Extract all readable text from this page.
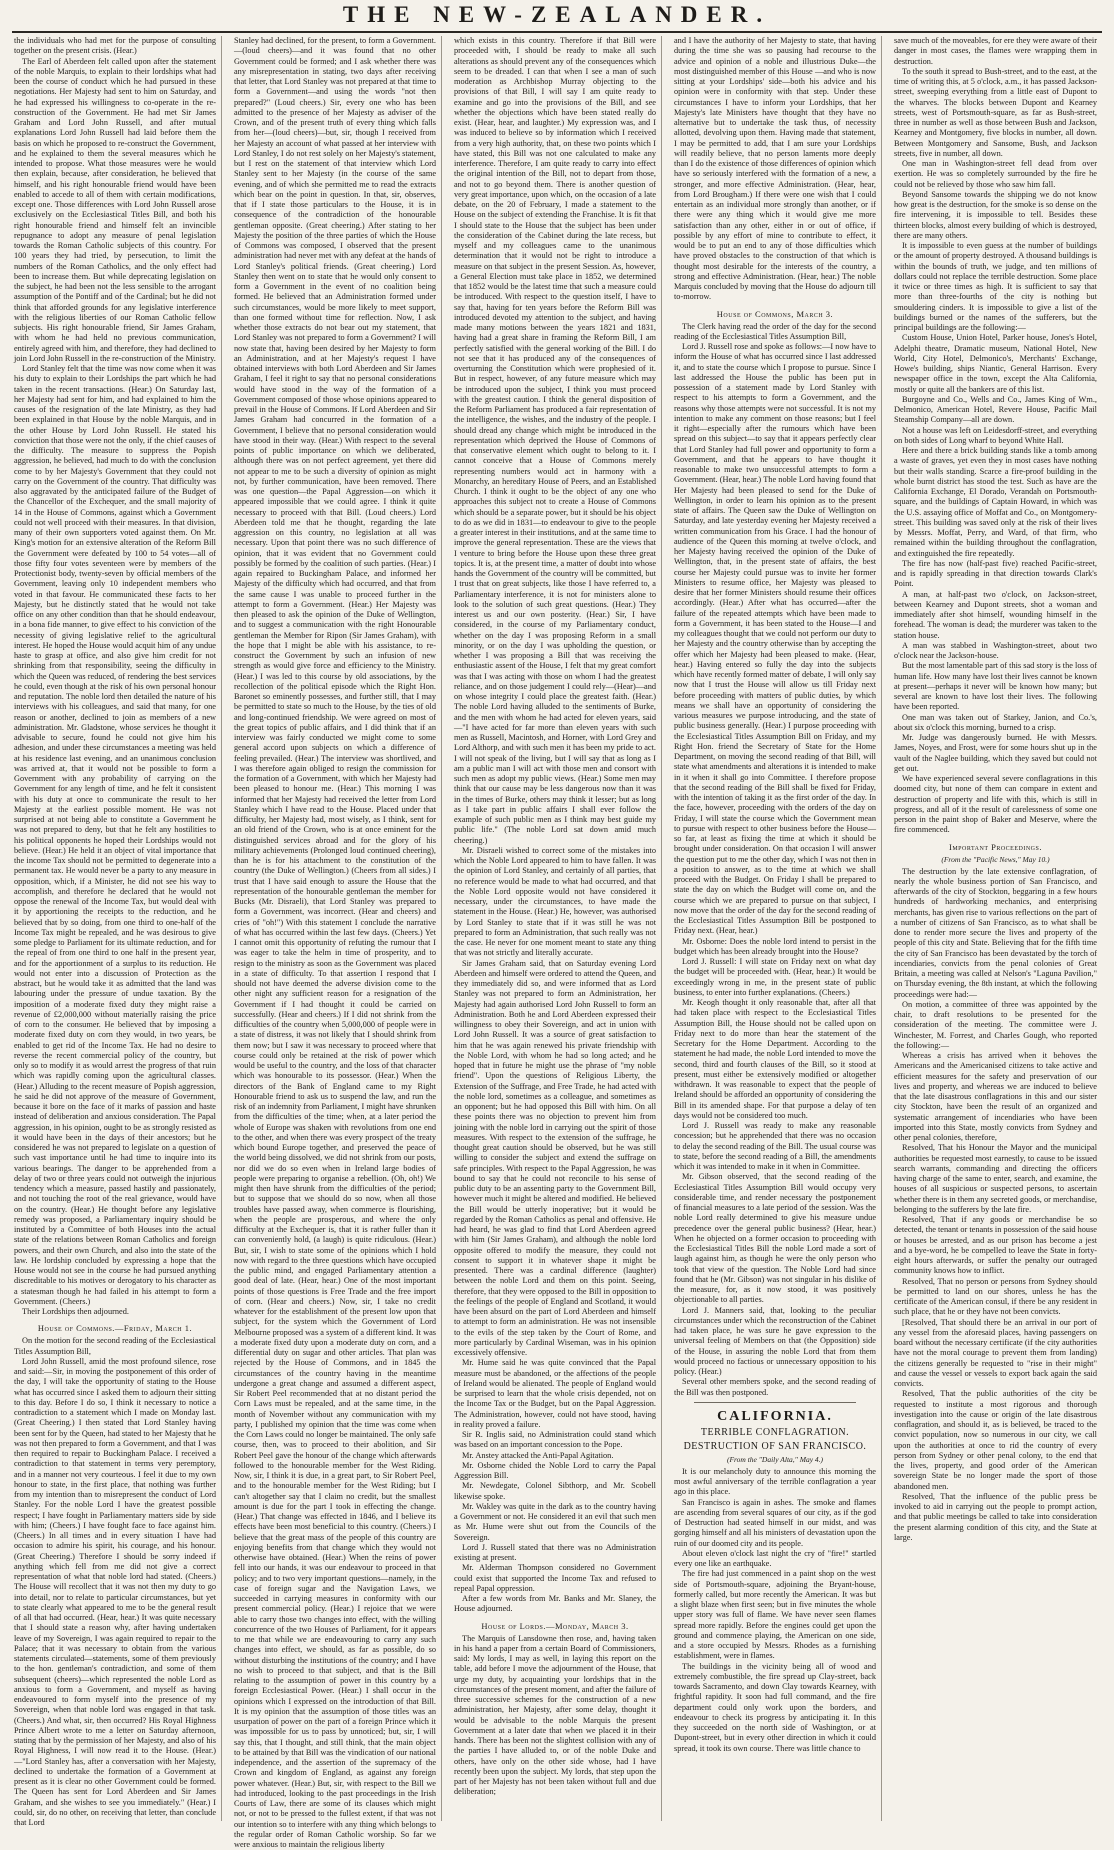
THE NEW-ZEALANDER.

the individuals who had met for the purpose of consulting together on the present crisis. (Hear.)

The Earl of Aberdeen felt called upon after the statement of the noble Marquis, to explain to their lordships what had been the course of conduct which he had pursued in these negotiations. Her Majesty had sent to him on Saturday, and he had expressed his willingness to co-operate in the re-construction of the Government. He had met Sir James Graham and Lord John Russell, and after mutual explanations Lord John Russell had laid before them the basis on which he proposed to re-construct the Government, and he explained to them the several measures which he intended to propose. What those measures were he would then explain, because, after consideration, he believed that himself, and his right honourable friend would have been enabled to accede to all of them with certain modifications, except one. Those differences with Lord John Russell arose exclusively on the Ecclesiastical Titles Bill, and both his right honourable friend and himself felt an invincible repugnance to adopt any measure of penal legislation towards the Roman Catholic subjects of this country. For 100 years they had tried, by persecution, to limit the numbers of the Roman Catholics, and the only effect had been to increase them. But while deprecating legislation on the subject, he had been not the less sensible to the arrogant assumption of the Pontiff and of the Cardinal; but he did not think that afforded grounds for any legislative interference with the religious liberties of our Roman Catholic fellow subjects. His right honourable friend, Sir James Graham, with whom he had held no previous communication, entirely agreed with him, and therefore, they had declined to join Lord John Russell in the re-construction of the Ministry.

Lord Stanley felt that the time was now come when it was his duty to explain to their Lordships the part which he had taken in the recent transactions. (Hear.) On Saturday last, her Majesty had sent for him, and had explained to him the causes of the resignation of the late Ministry, as they had been explained in that House by the noble Marquis, and in the other House by Lord John Russell. He stated his conviction that those were not the only, if the chief causes of the difficulty. The measure to suppress the Popish aggression, he believed, had much to do with the conclusion come to by her Majesty's Government that they could not carry on the Government of the country. That difficulty was also aggravated by the anticipated failure of the Budget of the Chancellor of the Exchequer, and the small majority of 14 in the House of Commons, against which a Government could not well proceed with their measures. In that division, many of their own supporters voted against them. On Mr. King's motion for an extensive alteration of the Reform Bill the Government were defeated by 100 to 54 votes—all of those fifty four votes seventeen were by members of the Protectionist body, twenty-seven by official members of the Government, leaving only 10 independent members who voted in that favour. He communicated these facts to her Majesty, but he distinctly stated that he would not take office on any other condition than that he should endeavour, in a bona fide manner, to give effect to his conviction of the necessity of giving legislative relief to the agricultural interest. He hoped the House would acquit him of any undue haste to grasp at office, and also give him credit for not shrinking from that responsibility, seeing the difficulty in which the Queen was reduced, of rendering the best services he could, even though at the risk of his own personal honour and reputation. The noble lord then detailed the nature of his interviews with his colleagues, and said that many, for one reason or another, declined to join as members of a new administration. Mr. Gladstone, whose services he thought it advisable to secure, found he could not give him his adhesion, and under these circumstances a meeting was held at his residence last evening, and an unanimous conclusion was arrived at, that it would not be possible to form a Government with any probability of carrying on the Government for any length of time, and he felt it consistent with his duty at once to communicate the result to her Majesty at the earliest possible moment. He was not surprised at not being able to constitute a Government he was not prepared to deny, but that he felt any hostilities to his political opponents he hoped their Lordships would not believe. (Hear.) He held it an object of vital importance that the income Tax should not be permitted to degenerate into a permanent tax. He would never be a party to any measure in opposition, which, if a Minister, he did not see his way to accomplish, and therefore he declared that he would not oppose the renewal of the Income Tax, but would deal with it by apportioning the receipts to the reduction, and he believed that by so doing, from one third to one-half of the Income Tax might be repealed, and he was desirous to give some pledge to Parliament for its ultimate reduction, and for the repeal of from one third to one half in the present year, and for the apportionment of a surplus to its reduction. He would not enter into a discussion of Protection as the abstract, but he would take it as admitted that the land was labouring under the pressure of undue taxation. By the imposition of a moderate fixed duty they might raise a revenue of £2,000,000 without materially raising the price of corn to the consumer. He believed that by imposing a moderate fixed duty on corn they would, in two years, be enabled to get rid of the Income Tax. He had no desire to reverse the recent commercial policy of the country, but only so to modify it as would arrest the progress of that ruin which was rapidly coming upon the agricultural classes. (Hear.) Alluding to the recent measure of Popish aggression, he said he did not approve of the measure of Government, because it bore on the face of it marks of passion and haste instead of deliberation and anxious consideration. The Papal aggression, in his opinion, ought to be as strongly resisted as it would have been in the days of their ancestors; but he considered he was not prepared to legislate on a question of such vast importance until he had time to inquire into its various bearings. The danger to be apprehended from a delay of two or three years could not outweigh the injurious tendency which a measure, passed hastily and passionately, and not touching the root of the real grievance, would have on the country. (Hear.) He thought before any legislative remedy was proposed, a Parliamentary inquiry should be instituted by a Committee of both Houses into the actual state of the relations between Roman Catholics and foreign powers, and their own Church, and also into the state of the law. He lordship concluded by expressing a hope that the House would not see in the course he had pursued anything discreditable to his motives or derogatory to his character as a statesman though he had failed in his attempt to form a Government. (Cheers.)

Their Lordships then adjourned.

House of Commons.—Friday, March 1.

On the motion for the second reading of the Ecclesiastical Titles Assumption Bill,

Lord John Russell, amid the most profound silence, rose and said:—Sir, in moving the postponement of this order of the day, I will take the opportunity of stating to the House what has occurred since I asked them to adjourn their sitting to this day. Before I do so, I think it necessary to notice a contradiction to a statement which I made on Monday last. (Great Cheering.) I then stated that Lord Stanley having been sent for by the Queen, had stated to her Majesty that he was not then prepared to form a Government, and that I was then required to repair to Buckingham Palace. I received a contradiction to that statement in terms very peremptory, and in a manner not very courteous. I feel it due to my own honour to state, in the first place, that nothing was further from my intention than to misrepresent the conduct of Lord Stanley. For the noble Lord I have the greatest possible respect; I have fought in Parliamentary matters side by side with him; (Cheers.) I have fought face to face against him. (Cheers.) In all times and in every situation I have had occasion to admire his spirit, his courage, and his honour. (Great Cheering.) Therefore I should be sorry indeed if anything which fell from me did not give a correct representation of what that noble lord had stated. (Cheers.) The House will recollect that it was not then my duty to go into detail, nor to relate to particular circumstances, but yet to state clearly what appeared to me to be the general result of all that had occurred. (Hear, hear.) It was quite necessary that I should state a reason why, after having undertaken leave of my Sovereign, I was again required to repair to the Palace; that it was necessary to obtain from the various statements circulated—statements, some of them previously to the hon. gentleman's contradiction, and some of them subsequent (cheers)—which represented the noble Lord as anxious to form a Government, and myself as having endeavoured to form myself into the presence of my Sovereign, when that noble lord was engaged in that task. (Cheers.) And what, sir, then occurred? His Royal Highness Prince Albert wrote to me a letter on Saturday afternoon, stating that by the permission of her Majesty, and also of his Royal Highness, I will now read it to the House. (Hear.) —"Lord Stanley has, after a conversation with her Majesty, declined to undertake the formation of a Government at present as it is clear no other Government could be formed. The Queen has sent for Lord Aberdeen and Sir James Graham, and she wishes to see you immediately." (Hear.) I could, sir, do no other, on receiving that letter, than conclude that Lord

Stanley had declined, for the present, to form a Government.—(loud cheers)—and it was found that no other Government could be formed; and I ask whether there was any misrepresentation in stating, two days after receiving that letter, that Lord Stanley was not prepared at that time to form a Government—and using the words "not then prepared?" (Loud cheers.) Sir, every one who has been admitted to the presence of her Majesty as adviser of the Crown, and of the present truth of every thing which falls from her—(loud cheers)—but, sir, though I received from her Majesty an account of what passed at her interview with Lord Stanley, I do not rest solely on her Majesty's statement, but I rest on the statement of that interview which Lord Stanley sent to her Majesty (in the course of the same evening, and of which she permitted me to read the extracts which bear on the point in question. In that, sir, observes, that if I state those particulars to the House, it is in consequence of the contradiction of the honourable gentleman opposite. (Great cheering.) After stating to her Majesty the position of the three parties of which the House of Commons was composed, I observed that the present administration had never met with any defeat at the hands of Lord Stanley's political friends. (Great cheering.) Lord Stanley then went on to state that he would only consent to form a Government in the event of no coalition being formed. He believed that an Administration formed under such circumstances, would be more likely to meet support, than one formed without time for reflection. Now, I ask whether those extracts do not bear out my statement, that Lord Stanley was not prepared to form a Government? I will now state that, having been desired by her Majesty to form an Administration, and at her Majesty's request I have obtained interviews with both Lord Aberdeen and Sir James Graham, I feel it right to say that no personal considerations would have stood in the way of the formation of a Government composed of those whose opinions appeared to prevail in the House of Commons. If Lord Aberdeen and Sir James Graham had concurred in the formation of a Government, I believe that no personal consideration would have stood in their way. (Hear.) With respect to the several points of public importance on which we deliberated, although there was on not perfect agreement, yet there did not appear to me to be such a diversity of opinion as might not, by further communication, have been removed. There was one question—the Papal Aggression—on which it appeared impossible that we could agree. I think it quite necessary to proceed with that Bill. (Loud cheers.) Lord Aberdeen told me that he thought, regarding the late aggression on this country, no legislation at all was necessary. Upon that point there was no such difference of opinion, that it was evident that no Government could possibly be formed by the coalition of such parties. (Hear.) I again repaired to Buckingham Palace, and informed her Majesty of the difficulty which had occurred, and that from the same cause I was unable to proceed further in the attempt to form a Government. (Hear.) Her Majesty was then pleased to ask the opinion of the Duke of Wellington, and to suggest a communication with the right Honourable gentleman the Member for Ripon (Sir James Graham), with the hope that I might be able with his assistance, to re-construct the Government by such an infusion of new strength as would give force and efficiency to the Ministry. (Hear.) I was led to this course by old associations, by the recollection of the political episode which the Right Hon. Baronet so eminently possesses, and further still, that I may be permitted to state so much to the House, by the ties of old and long-continued friendship. We were agreed on most of the great topics of public affairs, and I did think that if an interview was fairly conducted we might come to some general accord upon subjects on which a difference of feeling prevailed. (Hear.) The interview was shortlived, and I was therefore again obliged to resign the commission for the formation of a Government, with which her Majesty had been pleased to honour me. (Hear.) This morning I was informed that her Majesty had received the letter from Lord Stanley which I have read to the House. Placed under that difficulty, her Majesty had, most wisely, as I think, sent for an old friend of the Crown, who is at once eminent for the distinguished services abroad and for the glory of his military achievements (Prolonged loud continued cheering), than he is for his attachment to the constitution of the country (the Duke of Wellington.) (Cheers from all sides.) I trust that I have said enough to assure the House that the representation of the honourable gentleman the member for Bucks (Mr. Disraeli), that Lord Stanley was prepared to form a Government, was incorrect. (Hear and cheers) and cries of "oh!") With this statement I conclude the narrative of what has occurred within the last few days. (Cheers.) Yet I cannot omit this opportunity of refuting the rumour that I was eager to take the helm in time of prosperity, and to resign to the ministry as soon as the Government was placed in a state of difficulty. To that assertion I respond that I should not have deemed the adverse division come to the other night any sufficient reason for a resignation of the Government if I had thought it could be carried on successfully. (Hear and cheers.) If I did not shrink from the difficulties of the country when 5,000,000 of people were in a state of distress, it was not likely that I should shrink from them now; but I saw it was necessary to proceed where that course could only be retained at the risk of power which would be useful to the country, and the loss of that character which was honourable to its possessor. (Hear.) When the directors of the Bank of England came to my Right Honourable friend to ask us to suspend the law, and run the risk of an indemnity from Parliament, I might have shrunken from the difficulties of the time; when, at a later period the whole of Europe was shaken with revolutions from one end to the other, and when there was every prospect of the treaty which bound Europe together, and preserved the peace of the world being dissolved, we did not shrink from our posts, nor did we do so even when in Ireland large bodies of people were preparing to organise a rebellion. (Oh, oh!) We might then have shrunk from the difficulties of the period; but to suppose that we should do so now, when all those troubles have passed away, when commerce is flourishing, when the people are prosperous, and where the only difficulty at the Exchequer is, that it is rather fuller than it can conveniently hold, (a laugh) is quite ridiculous. (Hear.) But, sir, I wish to state some of the opinions which I hold now with regard to the three questions which have occupied the public mind, and engaged Parliamentary attention a good deal of late. (Hear, hear.) One of the most important points of those questions is Free Trade and the free import of corn. (Hear and cheers.) Now, sir, I take no credit whatever for the establishment of the present low upon that subject, for the system which the Government of Lord Melbourne proposed was a system of a different kind. It was a moderate fixed duty upon a moderate duty on corn, and a differential duty on sugar and other articles. That plan was rejected by the House of Commons, and in 1845 the circumstances of the country having in the meantime undergone a great change and assumed a different aspect, Sir Robert Peel recommended that at no distant period the Corn Laws must be repealed, and at the same time, in the month of November without any communication with my party, I published my opinion that the time was come when the Corn Laws could no longer be maintained. The only safe course, then, was to proceed to their abolition, and Sir Robert Peel gave the honour of the change which afterwards followed to the honourable member for the West Riding. Now, sir, I think it is due, in a great part, to Sir Robert Peel, and to the honourable member for the West Riding; but I can't altogether say that I claim no credit, but the smallest amount is due for the part I took in effecting the change. (Hear.) That change was effected in 1846, and I believe its effects have been most beneficial to this country. (Cheers.) I believe that the great mass of the people of this country are enjoying benefits from that change which they would not otherwise have obtained. (Hear.) When the reins of power fell into our hands, it was our endeavour to proceed in that policy; and to two very important questions—namely, in the case of foreign sugar and the Navigation Laws, we succeeded in carrying measures in conformity with our present commercial policy. (Hear.) I rejoice that we were able to carry those two changes into effect, with the willing concurrence of the two Houses of Parliament, for it appears to me that while we are endeavouring to carry any such changes into effect, we should, as far as possible, do so without disturbing the institutions of the country; and I have no wish to proceed to that subject, and that is the Bill relating to the assumption of power in this country by a foreign Ecclesiastical Power. (Hear.) I shall occur in the opinions which I expressed on the introduction of that Bill. It is my opinion that the assumption of those titles was an usurpation of power on the part of a foreign Prince which it was impossible for us to pass by unnoticed; but, sir, I will say this, that I thought, and still think, that the main object to be attained by that Bill was the vindication of our national independence, and the assertion of the supremacy of the Crown and kingdom of England, as against any foreign power whatever. (Hear.) But, sir, with respect to the Bill we had introduced, looking to the past proceedings in the Irish Courts of Law, there are some of its clauses which might not, or not to be pressed to the fullest extent, if that was not our intention so to interfere with any thing which belongs to the regular order of Roman Catholic worship. So far we were anxious to maintain the religious liberty

which exists in this country. Therefore if that Bill were proceeded with, I should be ready to make all such alterations as should prevent any of the consequences which seem to be dreaded. I can that when I see a man of such moderation as Archbishop Murray objecting to the provisions of that Bill, I will say I am quite ready to examine and go into the provisions of the Bill, and see whether the objections which have been stated really do exist. (Hear, hear, and laughter.) My expression was, and I was induced to believe so by information which I received from a very high authority, that, on these two points which I have stated, this Bill was not one calculated to make any interference. Therefore, I am quite ready to carry into effect the original intention of the Bill, not to depart from those, and not to go beyond them. There is another question of very great importance, upon which, on the occasion of a late debate, on the 20 of February, I made a statement to the House on the subject of extending the Franchise. It is fit that I should state to the House that the subject has been under the consideration of the Cabinet during the late recess, but myself and my colleagues came to the unanimous determination that it would not be right to introduce a measure on that subject in the present Session. As, however, a General Election must take place in 1852, we determined that 1852 would be the latest time that such a measure could be introduced. With respect to the question itself, I have to say that, having for ten years before the Reform Bill was introduced devoted my attention to the subject, and having made many motions between the years 1821 and 1831, having had a great share in framing the Reform Bill, I am perfectly satisfied with the general working of the Bill. I do not see that it has produced any of the consequences of overturning the Constitution which were prophesied of it. But in respect, however, of any future measure which may be introduced upon the subject, I think you must proceed with the greatest caution. I think the general disposition of the Reform Parliament has produced a fair representation of the intelligence, the wishes, and the industry of the people. I should dread any change which might be introduced in the representation which deprived the House of Commons of that conservative element which ought to belong to it. I cannot conceive that a House of Commons merely representing numbers would act in harmony with a Monarchy, an hereditary House of Peers, and an Established Church. I think it ought to be the object of any one who approaches this subject not to create a House of Commons which should be a separate power, but it should be his object to do as we did in 1831—to endeavour to give to the people a greater interest in their institutions, and at the same time to improve the general representation. These are the views that I venture to bring before the House upon these three great topics. It is, at the present time, a matter of doubt into whose hands the Government of the country will be committed, but I trust that on great subjects, like those I have referred to, a Parliamentary interference, it is not for ministers alone to look to the solution of such great questions. (Hear.) They interest us and our own posterity. (Hear.) Sir, I have considered, in the course of my Parliamentary conduct, whether on the day I was proposing Reform in a small minority, or on the day I was upholding the question, or whether I was proposing a Bill that was receiving the enthusiastic assent of the House, I felt that my great comfort was that I was acting with those on whom I had the greatest reliance, and on those judgement I could rely—(Hear)—and on whose integrity I could place the greatest faith. (Hear.) The noble Lord having alluded to the sentiments of Burke, and the men with whom he had acted for eleven years, said—"I have acted for far more than eleven years with such men as Russell, Macintosh, and Horner, with Lord Grey and Lord Althorp, and with such men it has been my pride to act. I will not speak of the living, but I will say that as long as I am a public man I will act with those men and consort with such men as adopt my public views. (Hear.) Some men may think that our cause may be less dangerous now than it was in the times of Burke, others may think it lesser; but as long as I take part in public affairs I shall ever follow the example of such public men as I think may best guide my public life." (The noble Lord sat down amid much cheering.)

Mr. Disraeli wished to correct some of the mistakes into which the Noble Lord appeared to him to have fallen. It was the opinion of Lord Stanley, and certainly of all parties, that no reference would be made to what had occurred, and that the Noble Lord opposite would not have considered it necessary, under the circumstances, to have made the statement in the House. (Hear.) He, however, was authorised by Lord Stanley to state that if it was still he was not prepared to form an Administration, that such really was not the case. He never for one moment meant to state any thing that was not strictly and literally accurate.

Sir James Graham said, that on Saturday evening Lord Aberdeen and himself were ordered to attend the Queen, and they immediately did so, and were informed that as Lord Stanley was not prepared to form an Administration, her Majesty had again authorised Lord John Russell to form an Administration. Both he and Lord Aberdeen expressed their willingness to obey their Sovereign, and act in union with Lord John Russell. It was a source of great satisfaction to him that he was again renewed his private friendship with the Noble Lord, with whom he had so long acted; and he hoped that in future he might use the phrase of "my noble friend". Upon the questions of Religious Liberty, the Extension of the Suffrage, and Free Trade, he had acted with the noble lord, sometimes as a colleague, and sometimes as an opponent; but he had opposed this Bill with him. On all these points there was no objection to prevent him from joining with the noble lord in carrying out the spirit of those measures. With respect to the extension of the suffrage, he thought great caution should be observed, but he was still willing to consider the subject and extend the suffrage on safe principles. With respect to the Papal Aggression, he was bound to say that he could not reconcile to his sense of public duty to be an assenting party to the Government Bill, however much it might be altered and modified. He believed the Bill would be utterly inoperative; but it would be regarded by the Roman Catholics as penal and offensive. He had heard, he was glad to find that Lord Aberdeen agreed with him (Sir James Graham), and although the noble lord opposite offered to modify the measure, they could not consent to support it in whatever shape it might be presented. There was a cardinal difference (laughter) between the noble Lord and them on this point. Seeing, therefore, that they were opposed to the Bill in opposition to the feelings of the people of England and Scotland, it would have been absurd on the part of Lord Aberdeen and himself to attempt to form an administration. He was not insensible to the evils of the step taken by the Court of Rome, and more particularly by Cardinal Wiseman, was in his opinion excessively offensive.

Mr. Hume said he was quite convinced that the Papal measure must be abandoned, or the affections of the people of Ireland would be alienated. The people of England would be surprised to learn that the whole crisis depended, not on the Income Tax or the Budget, but on the Papal Aggression. The Administration, however, could not have stood, having in reality proved a failure.

Sir R. Inglis said, no Administration could stand which was based on an important concession to the Pope.

Mr. Anstey attacked the Anti-Papal Agitation.

Mr. Osborne chided the Noble Lord to carry the Papal Aggression Bill.

Mr. Newdegate, Colonel Sibthorp, and Mr. Scobell likewise spoke.

Mr. Wakley was quite in the dark as to the country having a Government or not. He considered it an evil that such men as Mr. Hume were shut out from the Councils of the Sovereign.

Lord J. Russell stated that there was no Administration existing at present.

Mr. Alderman Thompson considered no Government could exist that supported the Income Tax and refused to repeal Papal oppression.

After a few words from Mr. Banks and Mr. Slaney, the House adjourned.

House of Lords.—Monday, March 3.

The Marquis of Lansdowne then rose, and, having taken in his hand a paper from a certain Board of Commissioners, said: My lords, I may as well, in laying this report on the table, add before I move the adjournment of the House, that urge my duty, by acquainting your lordships that in the circumstances of the present moment, and after the failure of three successive schemes for the construction of a new administration, her Majesty, after some delay, thought it would be advisable to the noble Marquis the present Government at a later date that when we placed it in their hands. There has been not the slightest collision with any of the parties I have alluded to, or of the noble Duke and others, have only on the other side whose, had I have recently been upon the subject. My lords, that step upon the part of her Majesty has not been taken without full and due deliberation;

and I have the authority of her Majesty to state, that having during the time she was so pausing had recourse to the advice and opinion of a noble and illustrious Duke—the most distinguished member of this House —and who is now sitting at your Lordships' side—both his advice and his opinion were in conformity with that step. Under these circumstances I have to inform your Lordships, that her Majesty's late Ministers have thought that they have no alternative but to undertake the task thus, of necessity allotted, devolving upon them. Having made that statement, I may be permitted to add, that I am sure your Lordships will readily believe, that no person laments more deeply than I do the existence of those differences of opinion which have so seriously interfered with the formation of a new, a stronger, and more effective Administration. (Hear, hear, from Lord Brougham.) If there were one wish that I could entertain as an individual more strongly than another, or if there were any thing which it would give me more satisfaction than any other, either in or out of office, if possible by any effort of mine to contribute to effect, it would be to put an end to any of those difficulties which have proved obstacles to the construction of that which is thought most desirable for the interests of the country, a strong and effective Administration. (Hear, hear.) The noble Marquis concluded by moving that the House do adjourn till to-morrow.

House of Commons, March 3.

The Clerk having read the order of the day for the second reading of the Ecclesiastical Titles Assumption Bill,

Lord J. Russell rose and spoke as follows:—I now have to inform the House of what has occurred since I last addressed it, and to state the course which I propose to pursue. Since I last addressed the House the public has been put in possession of a statement made by Lord Stanley with respect to his attempts to form a Government, and the reasons why those attempts were not successful. It is not my intention to make any comment on those reasons; but I feel it right—especially after the rumours which have been spread on this subject—to say that it appears perfectly clear that Lord Stanley had full power and opportunity to form a Government, and that he appears to have thought it reasonable to make two unsuccessful attempts to form a Government. (Hear, hear.) The noble Lord having found that Her Majesty had been pleased to send for the Duke of Wellington, in order to learn his opinion as to the present state of affairs. The Queen saw the Duke of Wellington on Saturday, and late yesterday evening her Majesty received a written communication from his Grace. I had the honour of audience of the Queen this morning at twelve o'clock, and her Majesty having received the opinion of the Duke of Wellington, that, in the present state of affairs, the best course her Majesty could pursue was to invite her former Ministers to resume office, her Majesty was pleased to desire that her former Ministers should resume their offices accordingly. (Hear.) After what has occurred—after the failure of the repeated attempts which have been made to form a Government, it has been stated to the House—I and my colleagues thought that we could not perform our duty to her Majesty and the country otherwise than by accepting the offer which her Majesty had been pleased to make. (Hear, hear.) Having entered so fully the day into the subjects which have recently formed matter of debate, I will only say now that I trust the House will allow us till Friday next before proceeding with matters of public duties, by which means we shall have an opportunity of considering the various measures we purpose introducing, and the state of public business generally. (Hear.) I purpose proceeding with the Ecclesiastical Titles Assumption Bill on Friday, and my Right Hon. friend the Secretary of State for the Home Department, on moving the second reading of that Bill, will state what amendments and alterations it is intended to make in it when it shall go into Committee. I therefore propose that the second reading of the Bill shall be fixed for Friday, with the intention of taking it as the first order of the day. In the face, however, proceeding with the orders of the day on Friday, I will state the course which the Government mean to pursue with respect to other business before the House—so far, at least as fixing the time at which it should be brought under consideration. On that occasion I will answer the question put to me the other day, which I was not then in a position to answer, as to the time at which we shall proceed with the Budget. On Friday I shall be prepared to state the day on which the Budget will come on, and the course which we are prepared to pursue on that subject, I now move that the order of the day for the second reading of the Ecclesiastical Titles Assumption Bill be postponed to Friday next. (Hear, hear.)

Mr. Osborne: Does the noble lord intend to persist in the budget which has been already brought into the House?

Lord J. Russell: I will state on Friday next on what day the budget will be proceeded with. (Hear, hear.) It would be exceedingly wrong in me, in the present state of public business, to enter into further explanations. (Cheers.)

Mr. Keogh thought it only reasonable that, after all that had taken place with respect to the Ecclesiastical Titles Assumption Bill, the House should not be called upon on Friday next to do more than hear the statement of the Secretary for the Home Department. According to the statement he had made, the noble Lord intended to move the second, third and fourth clauses of the Bill, so it stood at present, must either be extensively modified or altogether withdrawn. It was reasonable to expect that the people of Ireland should be afforded an opportunity of considering the Bill in its amended shape. For that purpose a delay of ten days would not be considered too much.

Lord J. Russell was ready to make any reasonable concession; but he apprehended that there was no occasion to delay the second reading of the Bill. The usual course was to state, before the second reading of a Bill, the amendments which it was intended to make in it when in Committee.

Mr. Gibson observed, that the second reading of the Ecclesiastical Titles Assumption Bill would occupy very considerable time, and render necessary the postponement of financial measures to a late period of the session. Was the noble Lord really determined to give his measure undue precedence over the general public business? (Hear, hear.) When he objected on a former occasion to proceeding with the Ecclesiastical Titles Bill the noble Lord made a sort of laugh against him, as though he were the only person who took that view of the question. The Noble Lord had since found that he (Mr. Gibson) was not singular in his dislike of the measure, for, as it now stood, it was positively objectionable to all parties.

Lord J. Manners said, that, looking to the peculiar circumstances under which the reconstruction of the Cabinet had taken place, he was sure he gave expression to the universal feeling of Members on that (the Opposition) side of the House, in assuring the noble Lord that from them would proceed no factious or unnecessary opposition to his policy. (Hear.)

Several other members spoke, and the second reading of the Bill was then postponed.

CALIFORNIA.
TERRIBLE CONFLAGRATION.
DESTRUCTION OF SAN FRANCISCO.
(From the "Daily Alta," May 4.)

It is our melancholy duty to announce this morning the most awful anniversary of the terrible conflagration a year ago in this place.

San Francisco is again in ashes. The smoke and flames are ascending from several squares of our city, as if the god of Destruction had seated himself in our midst, and was gorging himself and all his ministers of devastation upon the ruin of our doomed city and its people.

About eleven o'clock last night the cry of "fire!" startled every one like an earthquake.

The fire had just commenced in a paint shop on the west side of Portsmouth-square, adjoining the Bryant-house, formerly called, but more recently the American. It was but a slight blaze when first seen; but in five minutes the whole upper story was full of flame. We have never seen flames spread more rapidly. Before the engines could get upon the ground and commence playing, the American on one side, and a store occupied by Messrs. Rhodes as a furnishing establishment, were in flames.

The buildings in the vicinity being all of wood and extremely combustible, the fire spread up Clay-street, back towards Sacramento, and down Clay towards Kearney, with frightful rapidity. It soon had full command, and the fire department could only work upon the borders, and endeavour to check its progress by anticipating it. In this they succeeded on the north side of Washington, or at Dupont-street, but in every other direction in which it could spread, it took its own course. There was little chance to

save much of the moveables, for ere they were aware of their danger in most cases, the flames were wrapping them in destruction.

To the south it spread to Bush-street, and to the east, at the time of writing this, at 5 o'clock, a.m., it has passed Jackson-street, sweeping everything from a little east of Dupont to the wharves. The blocks between Dupont and Kearney streets, west of Portsmouth-square, as far as Bush-street, three in number as well as those between Bush and Jackson, Kearney and Montgomery, five blocks in number, all down. Between Montgomery and Sansome, Bush, and Jackson streets, five in number, all down.

One man in Washington-street fell dead from over exertion. He was so completely surrounded by the fire he could not be relieved by those who saw him fall.

Beyond Sansome towards the shipping we do not know how great is the destruction, for the smoke is so dense on the fire intervening, it is impossible to tell. Besides these thirteen blocks, almost every building of which is destroyed, there are many others.

It is impossible to even guess at the number of buildings or the amount of property destroyed. A thousand buildings is within the bounds of truth, we judge, and ten millions of dollars could not replace the terrible destruction. Some place it twice or three times as high. It is sufficient to say that more than three-fourths of the city is nothing but smouldering cinders. It is impossible to give a list of the buildings burned or the names of the sufferers, but the principal buildings are the following:—

Custom House, Union Hotel, Parker house, Jones's Hotel, Adelphi theatre, Dramatic museum, National Hotel, New World, City Hotel, Delmonico's, Merchants' Exchange, Howe's building, ships Niantic, General Harrison. Every newspaper office in the town, except the Alta California, mostly or quite all the bankers are of this list.

Burgoyne and Co., Wells and Co., James King of Wm., Delmonico, American Hotel, Revere House, Pacific Mail Steamship Company—all are down.

Not a house was left on Leidesdorff-street, and everything on both sides of Long wharf to beyond White Hall.

Here and there a brick building stands like a tomb among a waste of graves, yet even they in most cases have nothing but their walls standing. Scarce a fire-proof building in the whole burnt district has stood the test. Such as have are the California Exchange, El Dorado, Verandah on Portsmouth-square, and the buildings of Captain Howard, in which was the U.S. assaying office of Moffat and Co., on Montgomery-street. This building was saved only at the risk of their lives by Messrs. Moffat, Perry, and Ward, of that firm, who remained within the building throughout the conflagration, and extinguished the fire repeatedly.

The fire has now (half-past five) reached Pacific-street, and is rapidly spreading in that direction towards Clark's Point.

A man, at half-past two o'clock, on Jackson-street, between Kearney and Dupont streets, shot a woman and immediately after shot himself, wounding himself in the forehead. The woman is dead; the murderer was taken to the station house.

A man was stabbed in Washington-street, about two o'clock near the Jackson-house.

But the most lamentable part of this sad story is the loss of human life. How many have lost their lives cannot be known at present—perhaps it never will be known how many; but several are known to have lost their lives. The following have been reported.

One man was taken out of Starkey, Janion, and Co.'s, about six o'clock this morning, burned to a crisp.

Mr. Judge was dangerously burned. He with Messrs. James, Noyes, and Frost, were for some hours shut up in the vault of the Naglee building, which they saved but could not get out.

We have experienced several severe conflagrations in this doomed city, but none of them can compare in extent and destruction of property and life with this, which is still in progress, and all of it the result of carelessness of some one person in the paint shop of Baker and Meserve, where the fire commenced.

Important Proceedings.
(From the "Pacific News," May 10.)

The destruction by the late extensive conflagration, of nearly the whole business portion of San Francisco, and afterwards of the city of Stockton, beggaring in a few hours hundreds of hardworking mechanics, and enterprising merchants, has given rise to various reflections on the part of a number of citizens of San Francisco, as to what shall be done to render more secure the lives and property of the people of this city and State. Believing that for the fifth time the city of San Francisco has been devastated by the torch of incendiaries, convicts from the penal colonies of Great Britain, a meeting was called at Nelson's "Laguna Pavilion," on Thursday evening, the 8th instant, at which the following proceedings were had:—

On motion, a committee of three was appointed by the chair, to draft resolutions to be presented for the consideration of the meeting. The committee were J. Winchester, M. Forrest, and Charles Gough, who reported the following:—

Whereas a crisis has arrived when it behoves the Americans and the Americanised citizens to take active and efficient measures for the safety and preservation of our lives and property, and whereas we are induced to believe that the late disastrous conflagrations in this and our sister city Stockton, have been the result of an organized and systematic arrangement of incendiaries who have been imported into this State, mostly convicts from Sydney and other penal colonies, therefore,

Resolved, That his Honour the Mayor and the municipal authorities be requested most earnestly, to cause to be issued search warrants, commanding and directing the officers having charge of the same to enter, search, and examine, the houses of all suspicious or suspected persons, to ascertain whether there is in them any secreted goods, or merchandise, belonging to the sufferers by the late fire.

Resolved, That if any goods or merchandise be so detected, the tenant or tenants in possession of the said house or houses be arrested, and as our prison has become a jest and a bye-word, he be compelled to leave the State in forty-eight hours afterwards, or suffer the penalty our outraged community knows how to inflict.

Resolved, That no person or persons from Sydney should be permitted to land on our shores, unless he has the certificate of the American consul, if there be any resident in such place, that he or they have not been convicts.

[Resolved, That should there be an arrival in our port of any vessel from the aforesaid places, having passengers on board without the necessary certificate (if the city authorities have not the moral courage to prevent them from landing) the citizens generally be requested to "rise in their might" and cause the vessel or vessels to export back again the said convicts.

Resolved, That the public authorities of the city be requested to institute a most rigorous and thorough investigation into the cause or origin of the late disastrous conflagration, and should it, as is believed, be traced to the convict population, now so numerous in our city, we call upon the authorities at once to rid the country of every person from Sydney or other penal colony, to the end that the lives, property, and good order of the American sovereign State be no longer made the sport of those abandoned men.

Resolved, That the influence of the public press be invoked to aid in carrying out the people to prompt action, and that public meetings be called to take into consideration the present alarming condition of this city, and the State at large.
